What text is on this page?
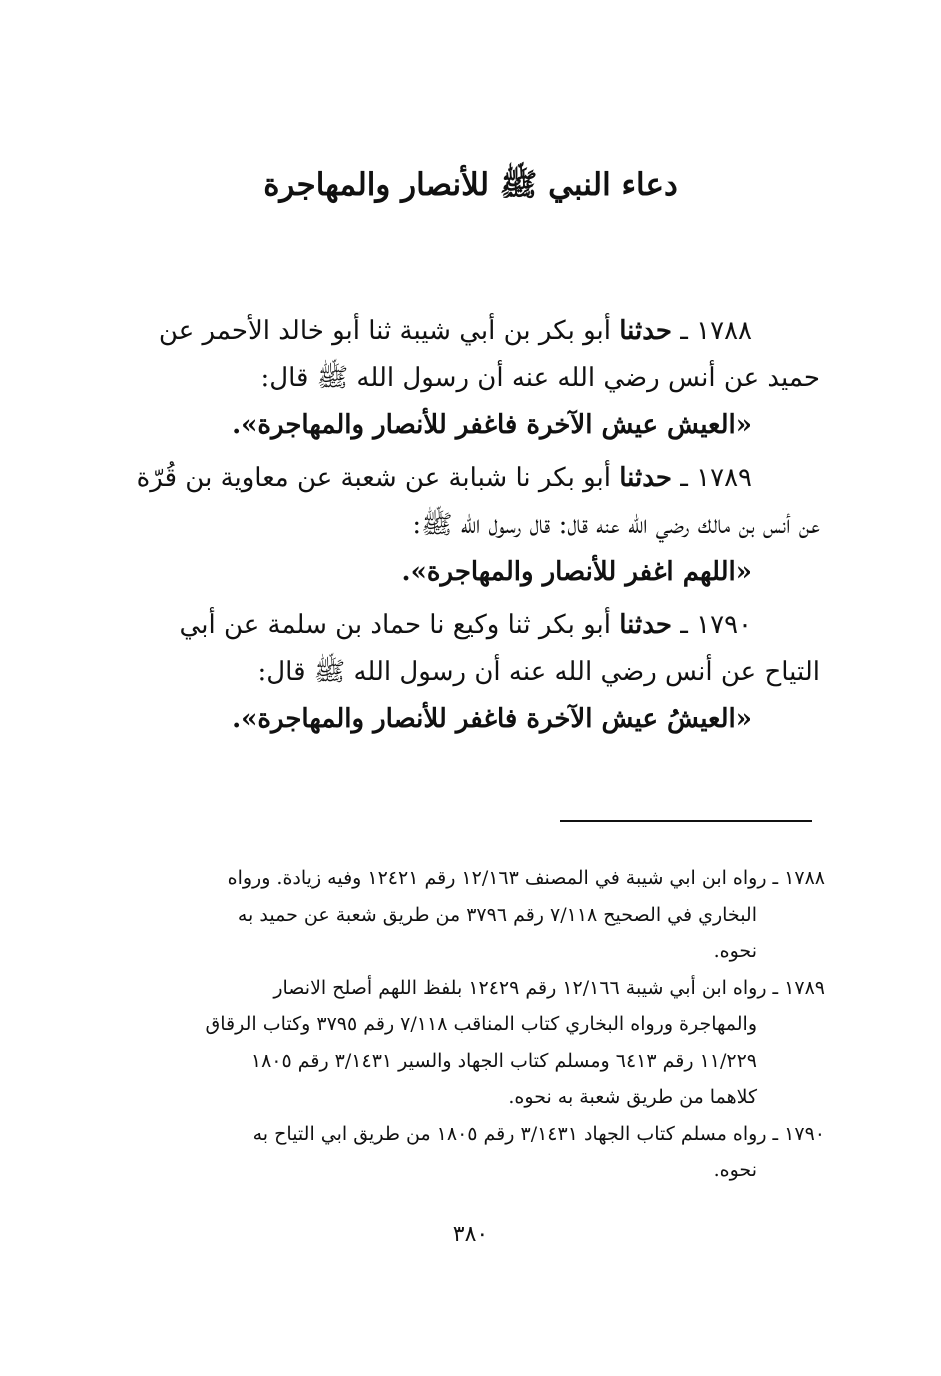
دعاء النبي ﷺ للأنصار والمهاجرة
١٧٨٨ ـ حدثنا أبو بكر بن أبي شيبة ثنا أبو خالد الأحمر عن
حميد عن أنس رضي الله عنه أن رسول الله ﷺ قال:
«العيش عيش الآخرة فاغفر للأنصار والمهاجرة».
١٧٨٩ ـ حدثنا أبو بكر نا شبابة عن شعبة عن معاوية بن قُرّة
عن أنس بن مالك رضي الله عنه قال: قال رسول الله ﷺ:
«اللهم اغفر للأنصار والمهاجرة».
١٧٩٠ ـ حدثنا أبو بكر ثنا وكيع نا حماد بن سلمة عن أبي
التياح عن أنس رضي الله عنه أن رسول الله ﷺ قال:
«العيشُ عيش الآخرة فاغفر للأنصار والمهاجرة».
١٧٨٨ ـ رواه ابن ابي شيبة في المصنف ١٢/١٦٣ رقم ١٢٤٢١ وفيه زيادة. ورواه
البخاري في الصحيح ٧/١١٨ رقم ٣٧٩٦ من طريق شعبة عن حميد به
نحوه.
١٧٨٩ ـ رواه ابن أبي شيبة ١٢/١٦٦ رقم ١٢٤٢٩ بلفظ اللهم أصلح الانصار
والمهاجرة ورواه البخاري كتاب المناقب ٧/١١٨ رقم ٣٧٩٥ وكتاب الرقاق
١١/٢٢٩ رقم ٦٤١٣ ومسلم كتاب الجهاد والسير ٣/١٤٣١ رقم ١٨٠٥
كلاهما من طريق شعبة به نحوه.
١٧٩٠ ـ رواه مسلم كتاب الجهاد ٣/١٤٣١ رقم ١٨٠٥ من طريق ابي التياح به
نحوه.
٣٨٠
